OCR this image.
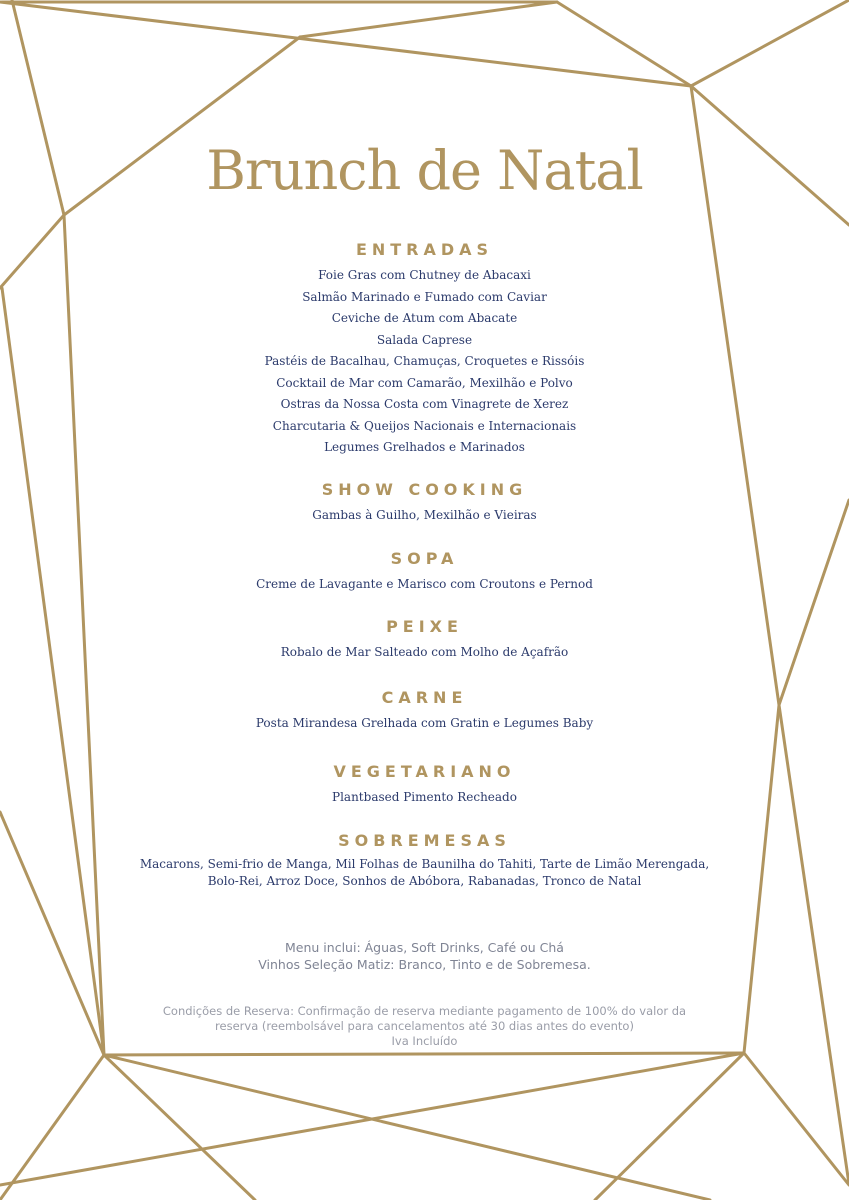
Brunch de Natal
ENTRADAS
Foie Gras com Chutney de Abacaxi
Salmão Marinado e Fumado com Caviar
Ceviche de Atum com Abacate
Salada Caprese
Pastéis de Bacalhau, Chamuças, Croquetes e Rissóis
Cocktail de Mar com Camarão, Mexilhão e Polvo
Ostras da Nossa Costa com Vinagrete de Xerez
Charcutaria & Queijos Nacionais e Internacionais
Legumes Grelhados e Marinados
SHOW COOKING
Gambas à Guilho, Mexilhão e Vieiras
SOPA
Creme de Lavagante e Marisco com Croutons e Pernod
PEIXE
Robalo de Mar Salteado com Molho de Açafrão
CARNE
Posta Mirandesa Grelhada com Gratin e Legumes Baby
VEGETARIANO
Plantbased Pimento Recheado
SOBREMESAS
Macarons, Semi-frio de Manga, Mil Folhas de Baunilha do Tahiti, Tarte de Limão Merengada,
Bolo-Rei, Arroz Doce, Sonhos de Abóbora, Rabanadas, Tronco de Natal
Menu inclui: Águas, Soft Drinks, Café ou Chá
Vinhos Seleção Matiz: Branco, Tinto e de Sobremesa.
Condições de Reserva: Confirmação de reserva mediante pagamento de 100% do valor da
reserva (reembolsável para cancelamentos até 30 dias antes do evento)
Iva Incluído
